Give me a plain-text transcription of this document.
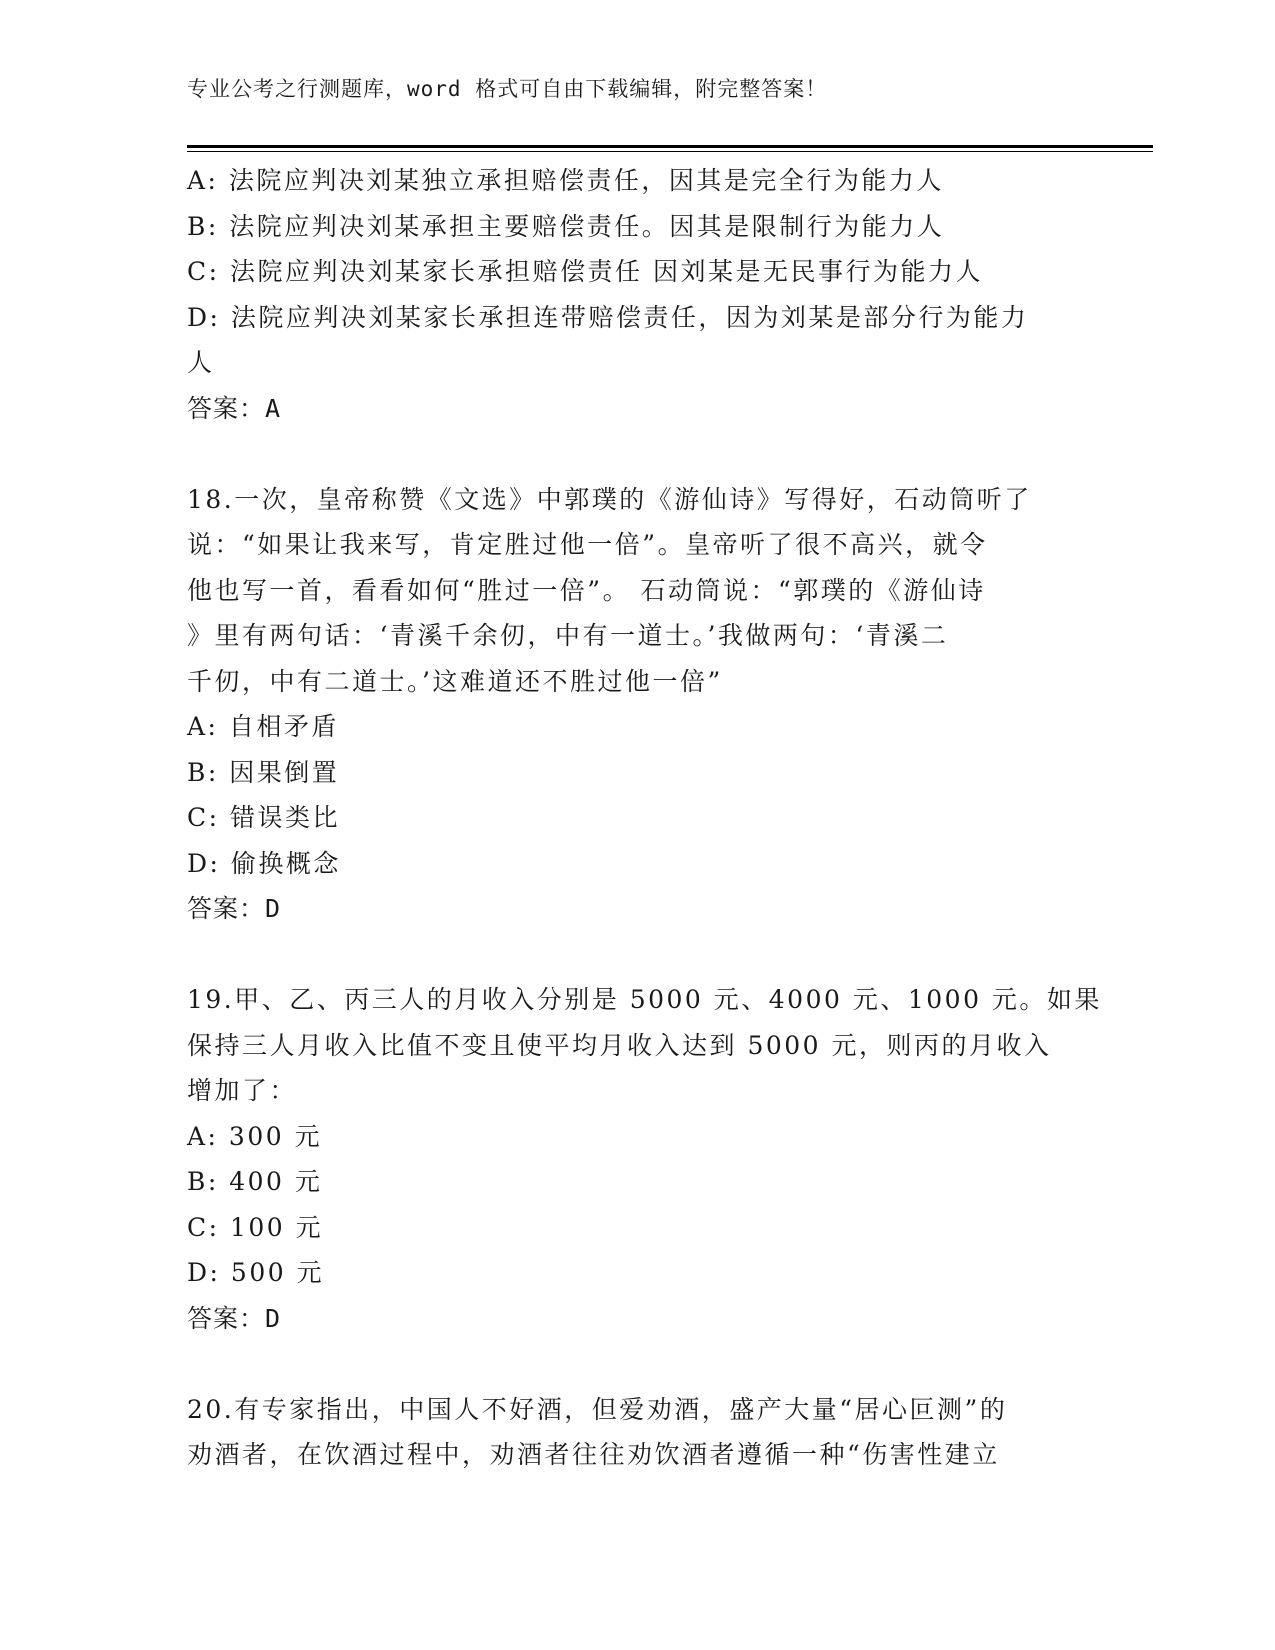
专业公考之行测题库，word 格式可自由下载编辑，附完整答案！
A: 法院应判决刘某独立承担赔偿责任，因其是完全行为能力人
B: 法院应判决刘某承担主要赔偿责任。因其是限制行为能力人
C: 法院应判决刘某家长承担赔偿责任 因刘某是无民事行为能力人
D: 法院应判决刘某家长承担连带赔偿责任，因为刘某是部分行为能力
人
答案：A
18.一次，皇帝称赞《文选》中郭璞的《游仙诗》写得好，石动筒听了
说：“如果让我来写，肯定胜过他一倍”。皇帝听了很不高兴，就令
他也写一首，看看如何“胜过一倍”。 石动筒说：“郭璞的《游仙诗
》里有两句话：‘青溪千余仞，中有一道士。’我做两句：‘青溪二
千仞，中有二道士。’这难道还不胜过他一倍”
A: 自相矛盾
B: 因果倒置
C: 错误类比
D: 偷换概念
答案：D
19.甲、乙、丙三人的月收入分别是 5000 元、4000 元、1000 元。如果
保持三人月收入比值不变且使平均月收入达到 5000 元，则丙的月收入
增加了：
A: 300 元
B: 400 元
C: 100 元
D: 500 元
答案：D
20.有专家指出，中国人不好酒，但爱劝酒，盛产大量“居心叵测”的
劝酒者，在饮酒过程中，劝酒者往往劝饮酒者遵循一种“伤害性建立
